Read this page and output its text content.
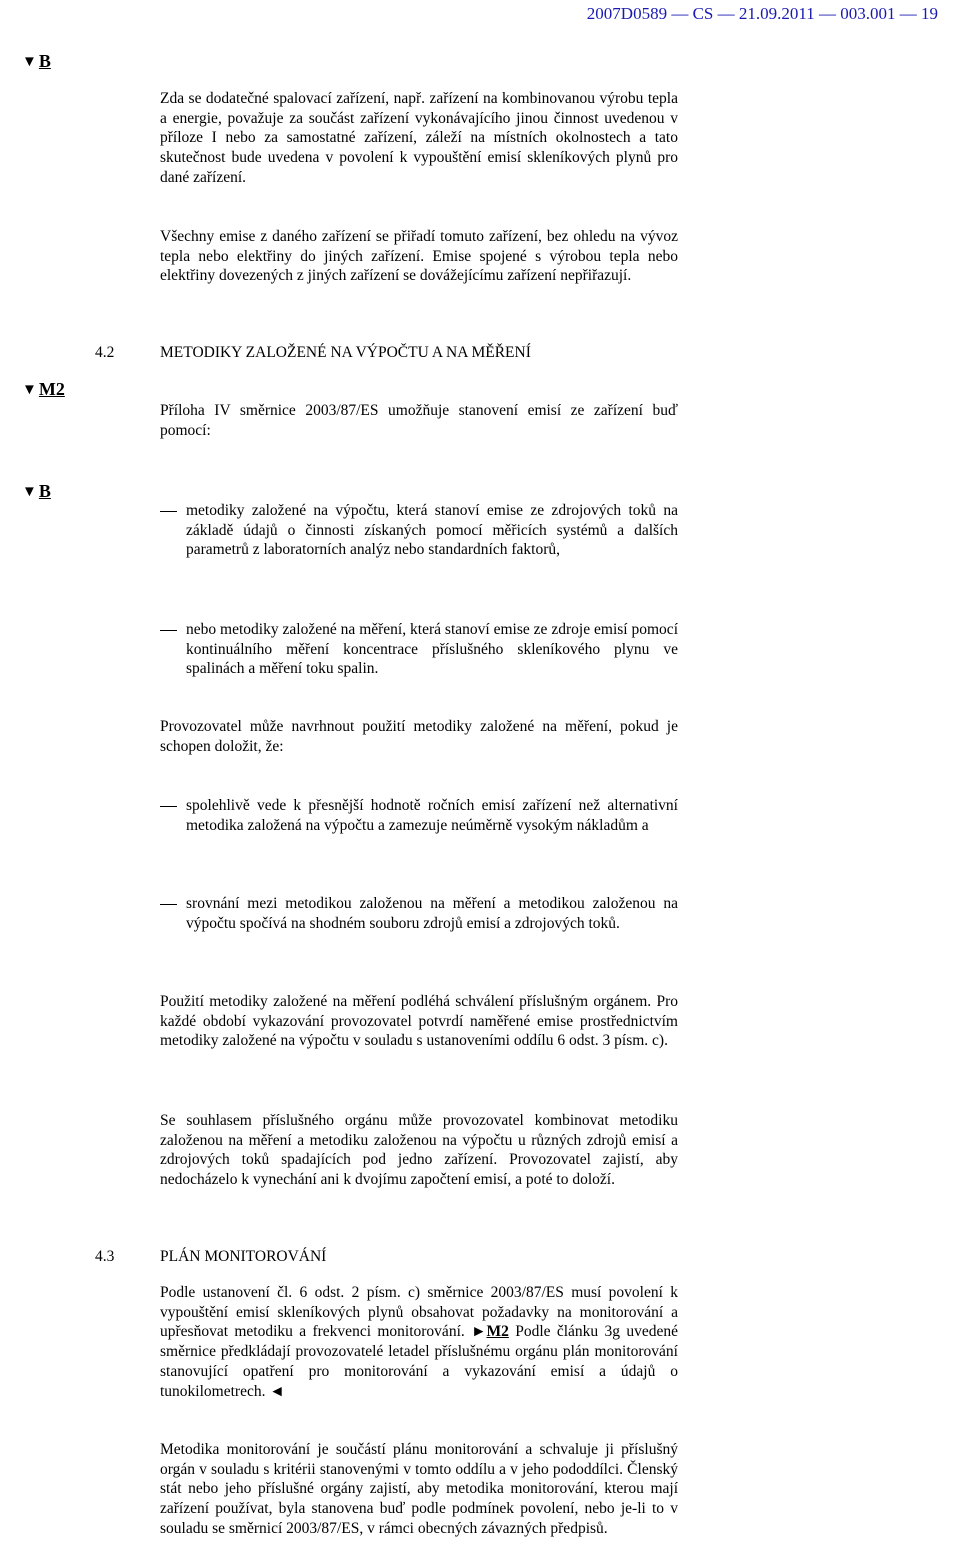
2007D0589 — CS — 21.09.2011 — 003.001 — 19
▼ B
Zda se dodatečné spalovací zařízení, např. zařízení na kombinovanou výrobu tepla a energie, považuje za součást zařízení vykonávajícího jinou činnost uvedenou v příloze I nebo za samostatné zařízení, záleží na místních okolnostech a tato skutečnost bude uvedena v povolení k vypouštění emisí skleníkových plynů pro dané zařízení.
Všechny emise z daného zařízení se přiřadí tomuto zařízení, bez ohledu na vývoz tepla nebo elektřiny do jiných zařízení. Emise spojené s výrobou tepla nebo elektřiny dovezených z jiných zařízení se dovážejícímu zařízení nepřiřazují.
4.2	METODIKY ZALOŽENÉ NA VÝPOČTU A NA MĚŘENÍ
▼ M2
Příloha IV směrnice 2003/87/ES umožňuje stanovení emisí ze zařízení buď pomocí:
▼ B
metodiky založené na výpočtu, která stanoví emise ze zdrojových toků na základě údajů o činnosti získaných pomocí měřicích systémů a dalších parametrů z laboratorních analýz nebo standardních faktorů,
nebo metodiky založené na měření, která stanoví emise ze zdroje emisí pomocí kontinuálního měření koncentrace příslušného skleníkového plynu ve spalinách a měření toku spalin.
Provozovatel může navrhnout použití metodiky založené na měření, pokud je schopen doložit, že:
spolehlivě vede k přesnější hodnotě ročních emisí zařízení než alternativní metodika založená na výpočtu a zamezuje neúměrně vysokým nákladům a
srovnání mezi metodikou založenou na měření a metodikou založenou na výpočtu spočívá na shodném souboru zdrojů emisí a zdrojových toků.
Použití metodiky založené na měření podléhá schválení příslušným orgánem. Pro každé období vykazování provozovatel potvrdí naměřené emise prostřednictvím metodiky založené na výpočtu v souladu s ustanoveními oddílu 6 odst. 3 písm. c).
Se souhlasem příslušného orgánu může provozovatel kombinovat metodiku založenou na měření a metodiku založenou na výpočtu u různých zdrojů emisí a zdrojových toků spadajících pod jedno zařízení. Provozovatel zajistí, aby nedocházelo k vynechání ani k dvojímu započtení emisí, a poté to doloží.
4.3	PLÁN MONITOROVÁNÍ
Podle ustanovení čl. 6 odst. 2 písm. c) směrnice 2003/87/ES musí povolení k vypouštění emisí skleníkových plynů obsahovat požadavky na monitorování a upřesňovat metodiku a frekvenci monitorování. ►M2 Podle článku 3g uvedené směrnice předkládají provozovatelé letadel příslušnému orgánu plán monitorování stanovující opatření pro monitorování a vykazování emisí a údajů o tunokilometrech. ◄
Metodika monitorování je součástí plánu monitorování a schvaluje ji příslušný orgán v souladu s kritérii stanovenými v tomto oddílu a v jeho pododdílci. Členský stát nebo jeho příslušné orgány zajistí, aby metodika monitorování, kterou mají zařízení používat, byla stanovena buď podle podmínek povolení, nebo je-li to v souladu se směrnicí 2003/87/ES, v rámci obecných závazných předpisů.
